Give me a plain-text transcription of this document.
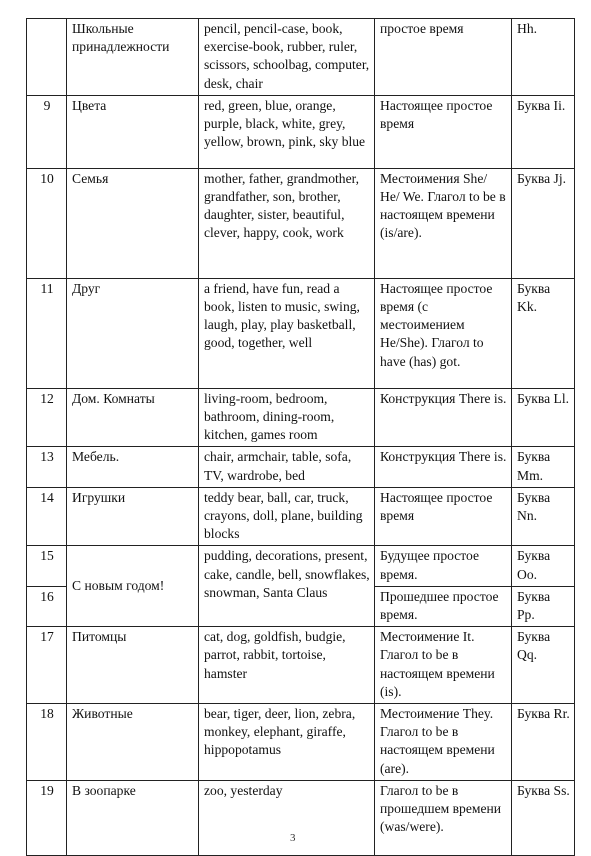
	Школьные принадлежности	pencil, pencil-case, book, exercise-book, rubber, ruler, scissors, schoolbag, computer, desk, chair	простое время	Hh.
9	Цвета	red, green, blue, orange, purple, black, white, grey, yellow, brown, pink, sky blue	Настоящее простое время	Буква Ii.
10	Семья	mother, father, grandmother, grandfather, son, brother, daughter, sister, beautiful, clever, happy, cook, work	Местоимения She/ He/ We. Глагол to be в настоящем времени (is/are).	Буква Jj.
11	Друг	a friend, have fun, read a book, listen to music, swing, laugh, play, play basketball, good, together, well	Настоящее простое время (с местоимением He/She). Глагол to have (has) got.	Буква Kk.
12	Дом. Комнаты	living-room, bedroom, bathroom, dining-room, kitchen, games room	Конструкция There is.	Буква Ll.
13	Мебель.	chair, armchair, table, sofa, TV, wardrobe, bed	Конструкция There is.	Буква Mm.
14	Игрушки	teddy bear, ball, car, truck, crayons, doll, plane, building blocks	Настоящее простое время	Буква Nn.
15	С новым годом!	pudding, decorations, present, cake, candle, bell, snowflakes, snowman, Santa Claus	Будущее простое время.	Буква Oo.
16			Прошедшее простое время.	Буква Pp.
17	Питомцы	cat, dog, goldfish, budgie, parrot, rabbit, tortoise, hamster	Местоимение It. Глагол to be в настоящем времени (is).	Буква Qq.
18	Животные	bear, tiger, deer, lion, zebra, monkey, elephant, giraffe, hippopotamus	Местоимение They. Глагол to be в настоящем времени (are).	Буква Rr.
19	В зоопарке	zoo, yesterday	Глагол to be в прошедшем времени (was/were).	Буква Ss.
3
